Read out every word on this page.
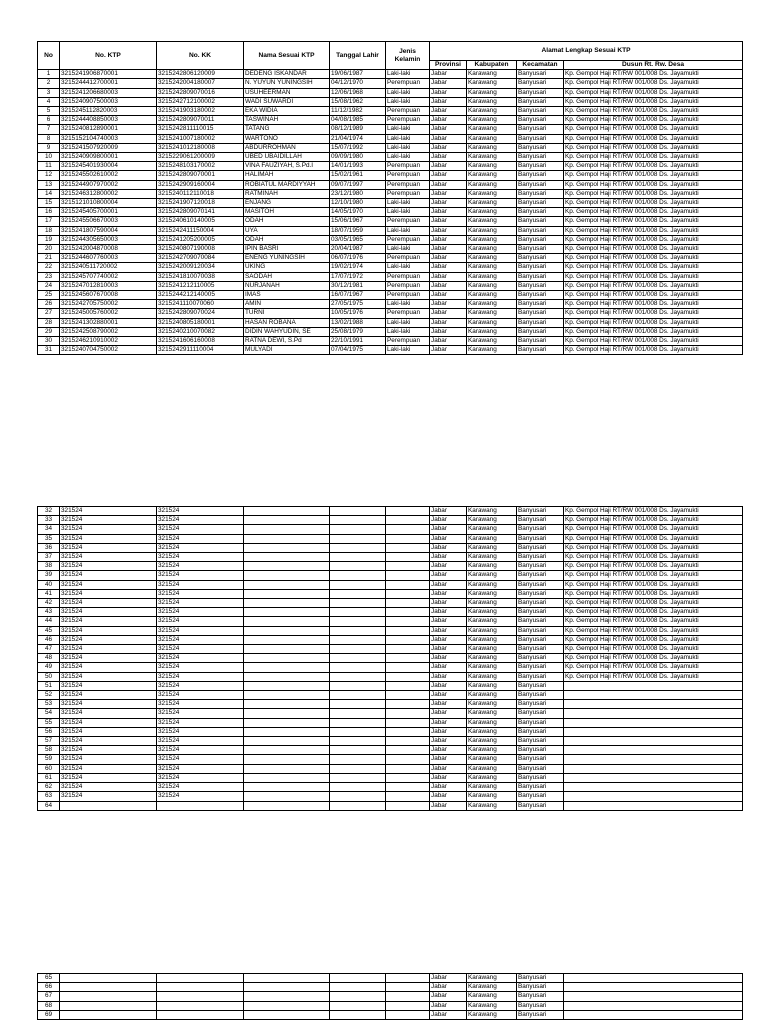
No	No. KTP	No. KK	Nama Sesuai KTP	Tanggal Lahir	Jenis Kelamin	Alamat Lengkap Sesuai KTP			
						Provinsi	Kabupaten	Kecamatan	Dusun Rt. Rw. Desa
1	3215241906870001	3215242806120009	DEDENG ISKANDAR	19/06/1987	Laki-laki	Jabar	Karawang	Banyusari	Kp. Gempol Haji RT/RW 001/008 Ds. Jayamukti
2	3215244412700001	3215242004180007	N. YUYUN YUNINGSIH	04/12/1970	Perempuan	Jabar	Karawang	Banyusari	Kp. Gempol Haji RT/RW 001/008 Ds. Jayamukti
3	3215241206680003	3215242809070016	USUHEERMAN	12/06/1968	Laki-laki	Jabar	Karawang	Banyusari	Kp. Gempol Haji RT/RW 001/008 Ds. Jayamukti
4	3215240907500003	3215242712100002	WADI SUWARDI	15/08/1962	Laki-laki	Jabar	Karawang	Banyusari	Kp. Gempol Haji RT/RW 001/008 Ds. Jayamukti
5	3215245112820003	3215241903180002	EKA WIDIA	11/12/1982	Perempuan	Jabar	Karawang	Banyusari	Kp. Gempol Haji RT/RW 001/008 Ds. Jayamukti
6	3215244408850003	3215242809070011	TASWINAH	04/08/1985	Perempuan	Jabar	Karawang	Banyusari	Kp. Gempol Haji RT/RW 001/008 Ds. Jayamukti
7	3215240812890001	3215242811110015	TATANG	08/12/1989	Laki-laki	Jabar	Karawang	Banyusari	Kp. Gempol Haji RT/RW 001/008 Ds. Jayamukti
8	3215152104740003	3215241007180002	WARTONO	21/04/1974	Laki-laki	Jabar	Karawang	Banyusari	Kp. Gempol Haji RT/RW 001/008 Ds. Jayamukti
9	3215241507920009	3215241012180008	ABDURROHMAN	15/07/1992	Laki-laki	Jabar	Karawang	Banyusari	Kp. Gempol Haji RT/RW 001/008 Ds. Jayamukti
10	3215240909800001	3215229061200009	UBED UBAIDILLAH	09/09/1980	Laki-laki	Jabar	Karawang	Banyusari	Kp. Gempol Haji RT/RW 001/008 Ds. Jayamukti
11	3215245401930004	3215248103170002	VINA FAUZIYAH, S.Pd.I	14/01/1993	Perempuan	Jabar	Karawang	Banyusari	Kp. Gempol Haji RT/RW 001/008 Ds. Jayamukti
12	3215245502610002	3215242809070001	HALIMAH	15/02/1961	Perempuan	Jabar	Karawang	Banyusari	Kp. Gempol Haji RT/RW 001/008 Ds. Jayamukti
13	3215244907970002	3215242909160004	ROBIATUL MARDIYYAH	09/07/1997	Perempuan	Jabar	Karawang	Banyusari	Kp. Gempol Haji RT/RW 001/008 Ds. Jayamukti
14	3215246312800002	3215240112110018	RATMINAH	23/12/1980	Perempuan	Jabar	Karawang	Banyusari	Kp. Gempol Haji RT/RW 001/008 Ds. Jayamukti
15	3215121010800004	3215241907120018	ENJANG	12/10/1980	Laki-laki	Jabar	Karawang	Banyusari	Kp. Gempol Haji RT/RW 001/008 Ds. Jayamukti
16	3215245405700001	3215242809070141	MASITOH	14/05/1970	Laki-laki	Jabar	Karawang	Banyusari	Kp. Gempol Haji RT/RW 001/008 Ds. Jayamukti
17	3215245506670003	3215240610140005	ODAH	15/06/1967	Perempuan	Jabar	Karawang	Banyusari	Kp. Gempol Haji RT/RW 001/008 Ds. Jayamukti
18	3215241807590004	3215242411150004	UYA	18/07/1959	Laki-laki	Jabar	Karawang	Banyusari	Kp. Gempol Haji RT/RW 001/008 Ds. Jayamukti
19	3215244305650003	3215241205200005	ODAH	03/05/1965	Perempuan	Jabar	Karawang	Banyusari	Kp. Gempol Haji RT/RW 001/008 Ds. Jayamukti
20	3215242004870008	3215240807190008	IPIN BASRI	20/04/1987	Laki-laki	Jabar	Karawang	Banyusari	Kp. Gempol Haji RT/RW 001/008 Ds. Jayamukti
21	3215244607760003	3215242709070084	ENENG YUNINGSIH	06/07/1976	Perempuan	Jabar	Karawang	Banyusari	Kp. Gempol Haji RT/RW 001/008 Ds. Jayamukti
22	3215240511720002	3215242009120034	UKING	19/02/1974	Laki-laki	Jabar	Karawang	Banyusari	Kp. Gempol Haji RT/RW 001/008 Ds. Jayamukti
23	3215245707740002	3215241810070038	SAODAH	17/07/1972	Perempuan	Jabar	Karawang	Banyusari	Kp. Gempol Haji RT/RW 001/008 Ds. Jayamukti
24	3215247012810003	3215241212110005	NURJANAH	30/12/1981	Perempuan	Jabar	Karawang	Banyusari	Kp. Gempol Haji RT/RW 001/008 Ds. Jayamukti
25	3215245607670008	3215244212140005	IMAS	16/07/1967	Perempuan	Jabar	Karawang	Banyusari	Kp. Gempol Haji RT/RW 001/008 Ds. Jayamukti
26	3215242705750002	3215241110070060	AMIN	27/05/1975	Laki-laki	Jabar	Karawang	Banyusari	Kp. Gempol Haji RT/RW 001/008 Ds. Jayamukti
27	3215245005760002	3215242809070024	TURNI	10/05/1976	Perempuan	Jabar	Karawang	Banyusari	Kp. Gempol Haji RT/RW 001/008 Ds. Jayamukti
28	3215241302880001	3215240805180001	HASAN ROBANA	13/02/1988	Laki-laki	Jabar	Karawang	Banyusari	Kp. Gempol Haji RT/RW 001/008 Ds. Jayamukti
29	3215242508790002	3215240210070082	DIDIN WAHYUDIN, SE	25/08/1979	Laki-laki	Jabar	Karawang	Banyusari	Kp. Gempol Haji RT/RW 001/008 Ds. Jayamukti
30	3215246210910002	3215241606160008	RATNA DEWI, S.Pd	22/10/1991	Perempuan	Jabar	Karawang	Banyusari	Kp. Gempol Haji RT/RW 001/008 Ds. Jayamukti
31	3215240704750002	3215242911110004	MULYADI	07/04/1975	Laki-laki	Jabar	Karawang	Banyusari	Kp. Gempol Haji RT/RW 001/008 Ds. Jayamukti
32	321524	321524				Jabar	Karawang	Banyusari	Kp. Gempol Haji RT/RW 001/008 Ds. Jayamukti
33	321524	321524				Jabar	Karawang	Banyusari	Kp. Gempol Haji RT/RW 001/008 Ds. Jayamukti
34	321524	321524				Jabar	Karawang	Banyusari	Kp. Gempol Haji RT/RW 001/008 Ds. Jayamukti
35	321524	321524				Jabar	Karawang	Banyusari	Kp. Gempol Haji RT/RW 001/008 Ds. Jayamukti
36	321524	321524				Jabar	Karawang	Banyusari	Kp. Gempol Haji RT/RW 001/008 Ds. Jayamukti
37	321524	321524				Jabar	Karawang	Banyusari	Kp. Gempol Haji RT/RW 001/008 Ds. Jayamukti
38	321524	321524				Jabar	Karawang	Banyusari	Kp. Gempol Haji RT/RW 001/008 Ds. Jayamukti
39	321524	321524				Jabar	Karawang	Banyusari	Kp. Gempol Haji RT/RW 001/008 Ds. Jayamukti
40	321524	321524				Jabar	Karawang	Banyusari	Kp. Gempol Haji RT/RW 001/008 Ds. Jayamukti
41	321524	321524				Jabar	Karawang	Banyusari	Kp. Gempol Haji RT/RW 001/008 Ds. Jayamukti
42	321524	321524				Jabar	Karawang	Banyusari	Kp. Gempol Haji RT/RW 001/008 Ds. Jayamukti
43	321524	321524				Jabar	Karawang	Banyusari	Kp. Gempol Haji RT/RW 001/008 Ds. Jayamukti
44	321524	321524				Jabar	Karawang	Banyusari	Kp. Gempol Haji RT/RW 001/008 Ds. Jayamukti
45	321524	321524				Jabar	Karawang	Banyusari	Kp. Gempol Haji RT/RW 001/008 Ds. Jayamukti
46	321524	321524				Jabar	Karawang	Banyusari	Kp. Gempol Haji RT/RW 001/008 Ds. Jayamukti
47	321524	321524				Jabar	Karawang	Banyusari	Kp. Gempol Haji RT/RW 001/008 Ds. Jayamukti
48	321524	321524				Jabar	Karawang	Banyusari	Kp. Gempol Haji RT/RW 001/008 Ds. Jayamukti
49	321524	321524				Jabar	Karawang	Banyusari	Kp. Gempol Haji RT/RW 001/008 Ds. Jayamukti
50	321524	321524				Jabar	Karawang	Banyusari	Kp. Gempol Haji RT/RW 001/008 Ds. Jayamukti
51	321524	321524				Jabar	Karawang	Banyusari	
52	321524	321524				Jabar	Karawang	Banyusari	
53	321524	321524				Jabar	Karawang	Banyusari	
54	321524	321524				Jabar	Karawang	Banyusari	
55	321524	321524				Jabar	Karawang	Banyusari	
56	321524	321524				Jabar	Karawang	Banyusari	
57	321524	321524				Jabar	Karawang	Banyusari	
58	321524	321524				Jabar	Karawang	Banyusari	
59	321524	321524				Jabar	Karawang	Banyusari	
60	321524	321524				Jabar	Karawang	Banyusari	
61	321524	321524				Jabar	Karawang	Banyusari	
62	321524	321524				Jabar	Karawang	Banyusari	
63	321524	321524				Jabar	Karawang	Banyusari	
64						Jabar	Karawang	Banyusari	
65						Jabar	Karawang	Banyusari	
66						Jabar	Karawang	Banyusari	
67						Jabar	Karawang	Banyusari	
68						Jabar	Karawang	Banyusari	
69						Jabar	Karawang	Banyusari	
